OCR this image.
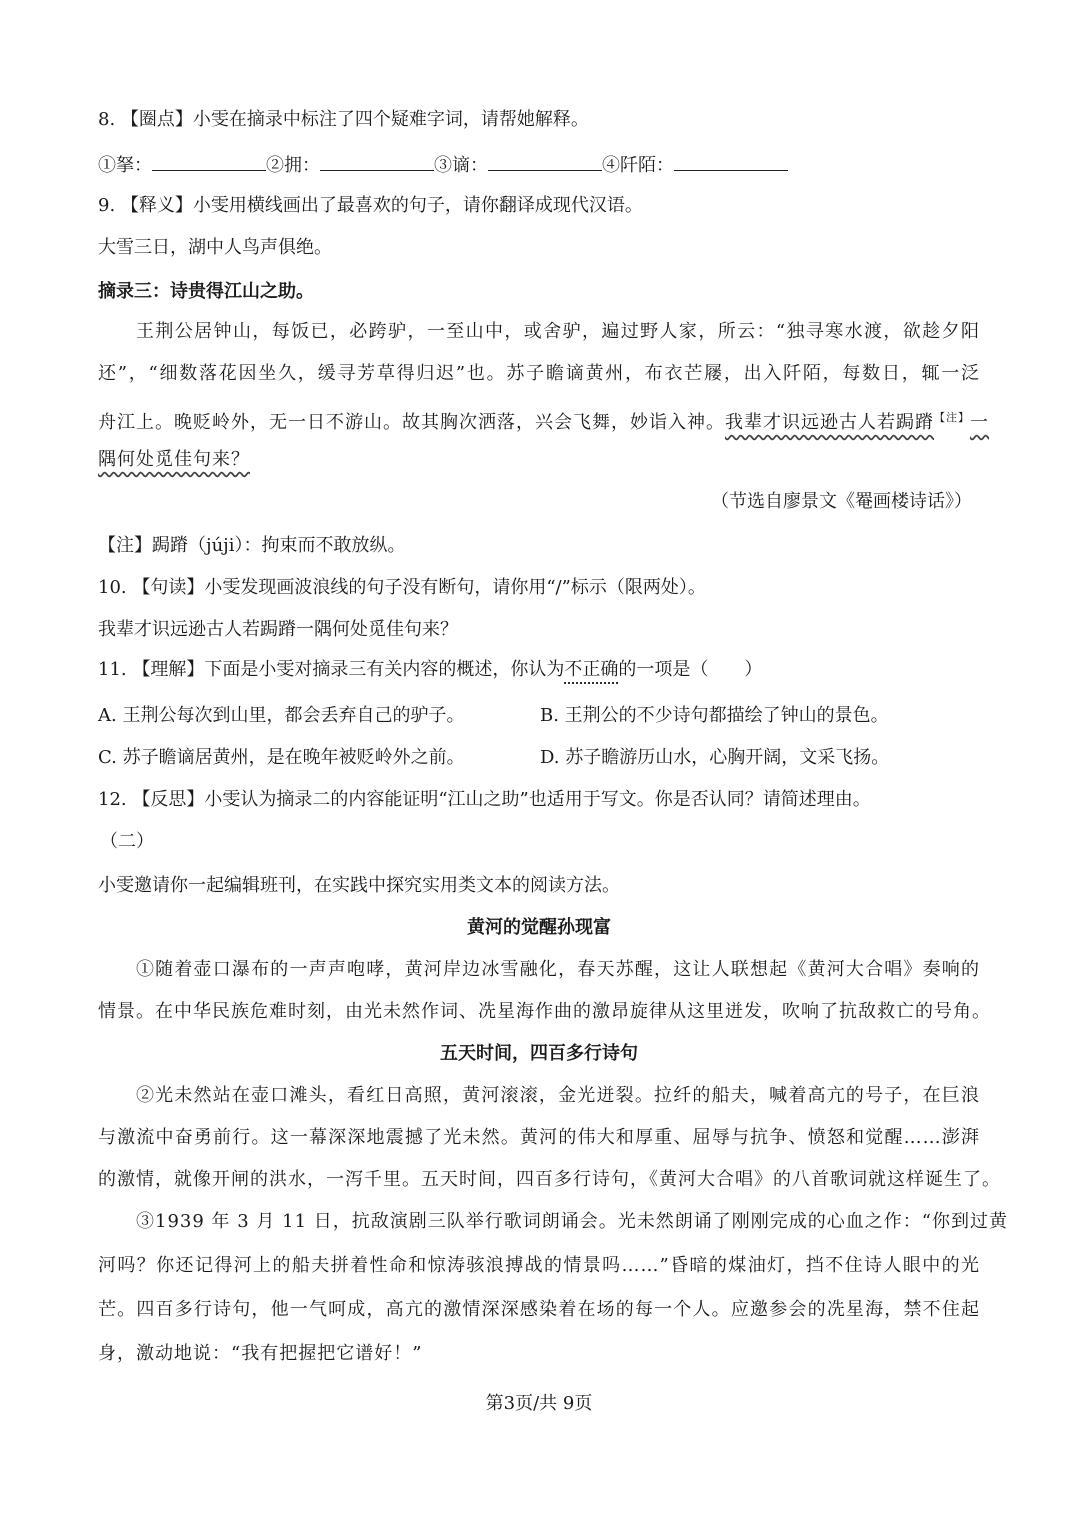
8. 【圈点】小雯在摘录中标注了四个疑难字词，请帮她解释。
①拏：	②拥：	③谪：	④阡陌：
9. 【释义】小雯用横线画出了最喜欢的句子，请你翻译成现代汉语。
大雪三日，湖中人鸟声俱绝。
摘录三：诗贵得江山之助。
王荆公居钟山，每饭已，必跨驴，一至山中，或舍驴，遍过野人家，所云：“独寻寒水渡，欲趁夕阳
还”，“细数落花因坐久，缓寻芳草得归迟”也。苏子瞻谪黄州，布衣芒屦，出入阡陌，每数日，辄一泛
舟江上。晚贬岭外，无一日不游山。故其胸次洒落，兴会飞舞，妙诣入神。我辈才识远逊古人若跼蹐$^{【注】}$一
隅何处觅佳句来？
（节选自廖景文《罨画楼诗话》）
【注】跼蹐（júji）：拘束而不敢放纵。
10. 【句读】小雯发现画波浪线的句子没有断句，请你用“/”标示（限两处）。
我辈才识远逊古人若跼蹐一隅何处觅佳句来？
11. 【理解】下面是小雯对摘录三有关内容的概述，你认为不正确的一项是（　　）
A. 王荆公每次到山里，都会丢弃自己的驴子。	B. 王荆公的不少诗句都描绘了钟山的景色。
C. 苏子瞻谪居黄州，是在晚年被贬岭外之前。	D. 苏子瞻游历山水，心胸开阔，文采飞扬。
12. 【反思】小雯认为摘录二的内容能证明“江山之助”也适用于写文。你是否认同？请简述理由。
（二）
小雯邀请你一起编辑班刊，在实践中探究实用类文本的阅读方法。
黄河的觉醒孙现富
①随着壶口瀑布的一声声咆哮，黄河岸边冰雪融化，春天苏醒，这让人联想起《黄河大合唱》奏响的
情景。在中华民族危难时刻，由光未然作词、冼星海作曲的激昂旋律从这里迸发，吹响了抗敌救亡的号角。
五天时间，四百多行诗句
②光未然站在壶口滩头，看红日高照，黄河滚滚，金光迸裂。拉纤的船夫，喊着高亢的号子，在巨浪
与激流中奋勇前行。这一幕深深地震撼了光未然。黄河的伟大和厚重、屈辱与抗争、愤怒和觉醒……澎湃
的激情，就像开闸的洪水，一泻千里。五天时间，四百多行诗句，《黄河大合唱》的八首歌词就这样诞生了。
③1939 年 3 月 11 日，抗敌演剧三队举行歌词朗诵会。光未然朗诵了刚刚完成的心血之作：“你到过黄
河吗？你还记得河上的船夫拼着性命和惊涛骇浪搏战的情景吗……”昏暗的煤油灯，挡不住诗人眼中的光
芒。四百多行诗句，他一气呵成，高亢的激情深深感染着在场的每一个人。应邀参会的冼星海，禁不住起
身，激动地说：“我有把握把它谱好！”
第3页/共 9页
